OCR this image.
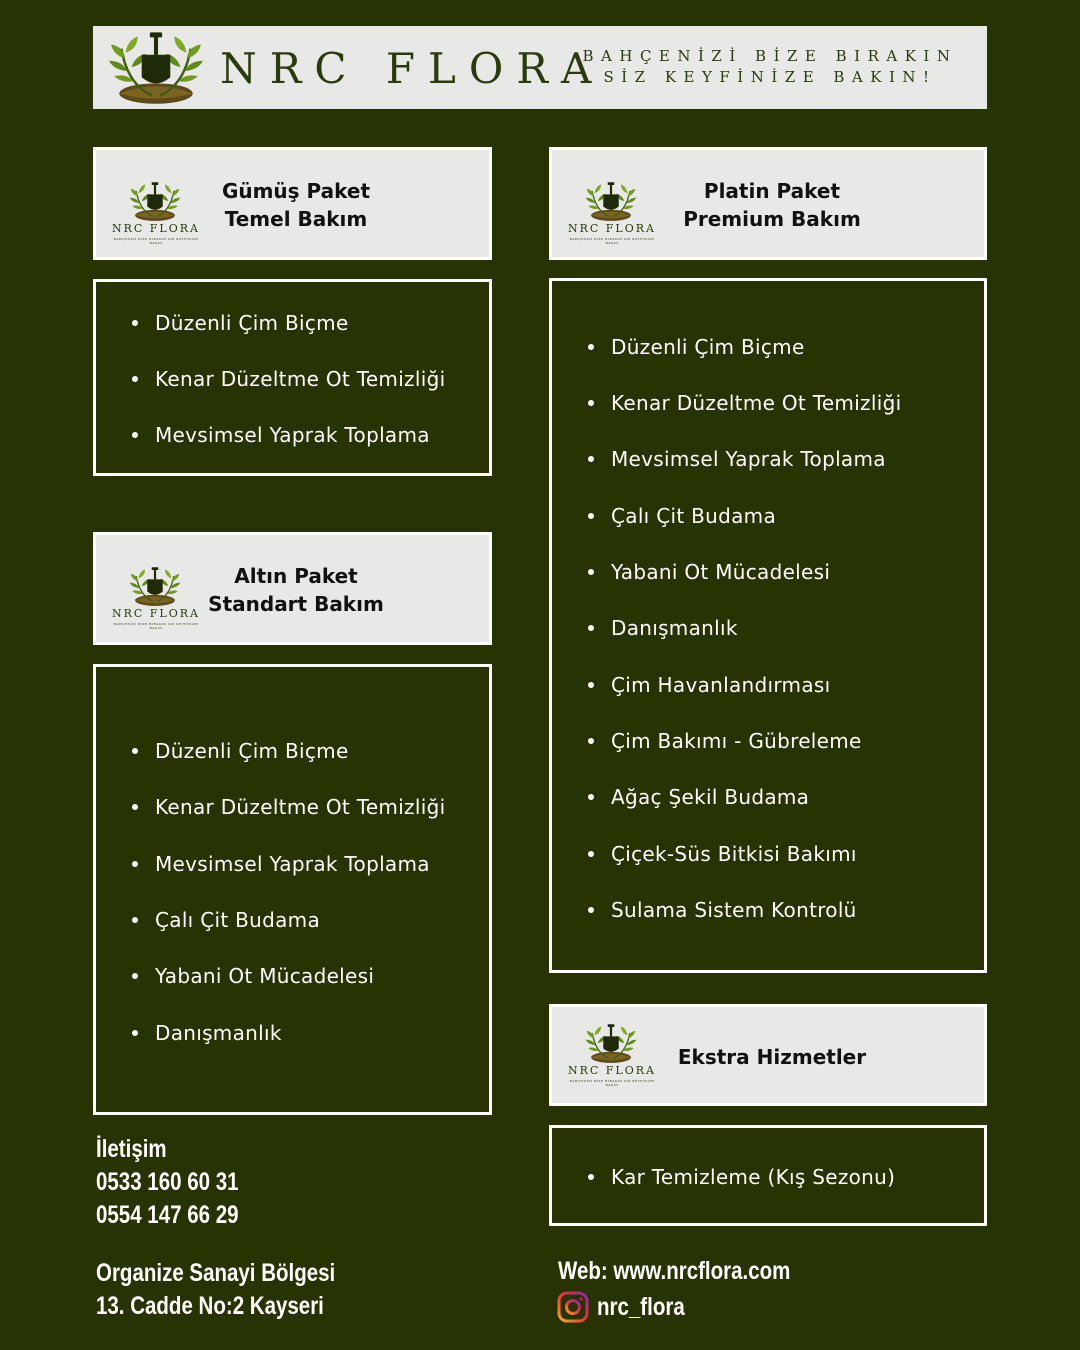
NRC FLORA
BAHÇENİZİ BİZE BIRAKIN
SİZ KEYFİNİZE BAKIN!
NRC FLORA
BAHÇENİZİ BİZE BIRAKIN SİZ KEYFİNİZE BAKIN
Gümüş Paket
Temel Bakım
Düzenli Çim Biçme
Kenar Düzeltme Ot Temizliği
Mevsimsel Yaprak Toplama
NRC FLORA
BAHÇENİZİ BİZE BIRAKIN SİZ KEYFİNİZE BAKIN
Altın Paket
Standart Bakım
Düzenli Çim Biçme
Kenar Düzeltme Ot Temizliği
Mevsimsel Yaprak Toplama
Çalı Çit Budama
Yabani Ot Mücadelesi
Danışmanlık
NRC FLORA
BAHÇENİZİ BİZE BIRAKIN SİZ KEYFİNİZE BAKIN
Platin Paket
Premium Bakım
Düzenli Çim Biçme
Kenar Düzeltme Ot Temizliği
Mevsimsel Yaprak Toplama
Çalı Çit Budama
Yabani Ot Mücadelesi
Danışmanlık
Çim Havanlandırması
Çim Bakımı - Gübreleme
Ağaç Şekil Budama
Çiçek-Süs Bitkisi Bakımı
Sulama Sistem Kontrolü
NRC FLORA
BAHÇENİZİ BİZE BIRAKIN SİZ KEYFİNİZE BAKIN
Ekstra Hizmetler
Kar Temizleme (Kış Sezonu)
İletişim
0533 160 60 31
0554 147 66 29
Organize Sanayi Bölgesi
13. Cadde No:2 Kayseri
Web: www.nrcflora.com
nrc_flora
